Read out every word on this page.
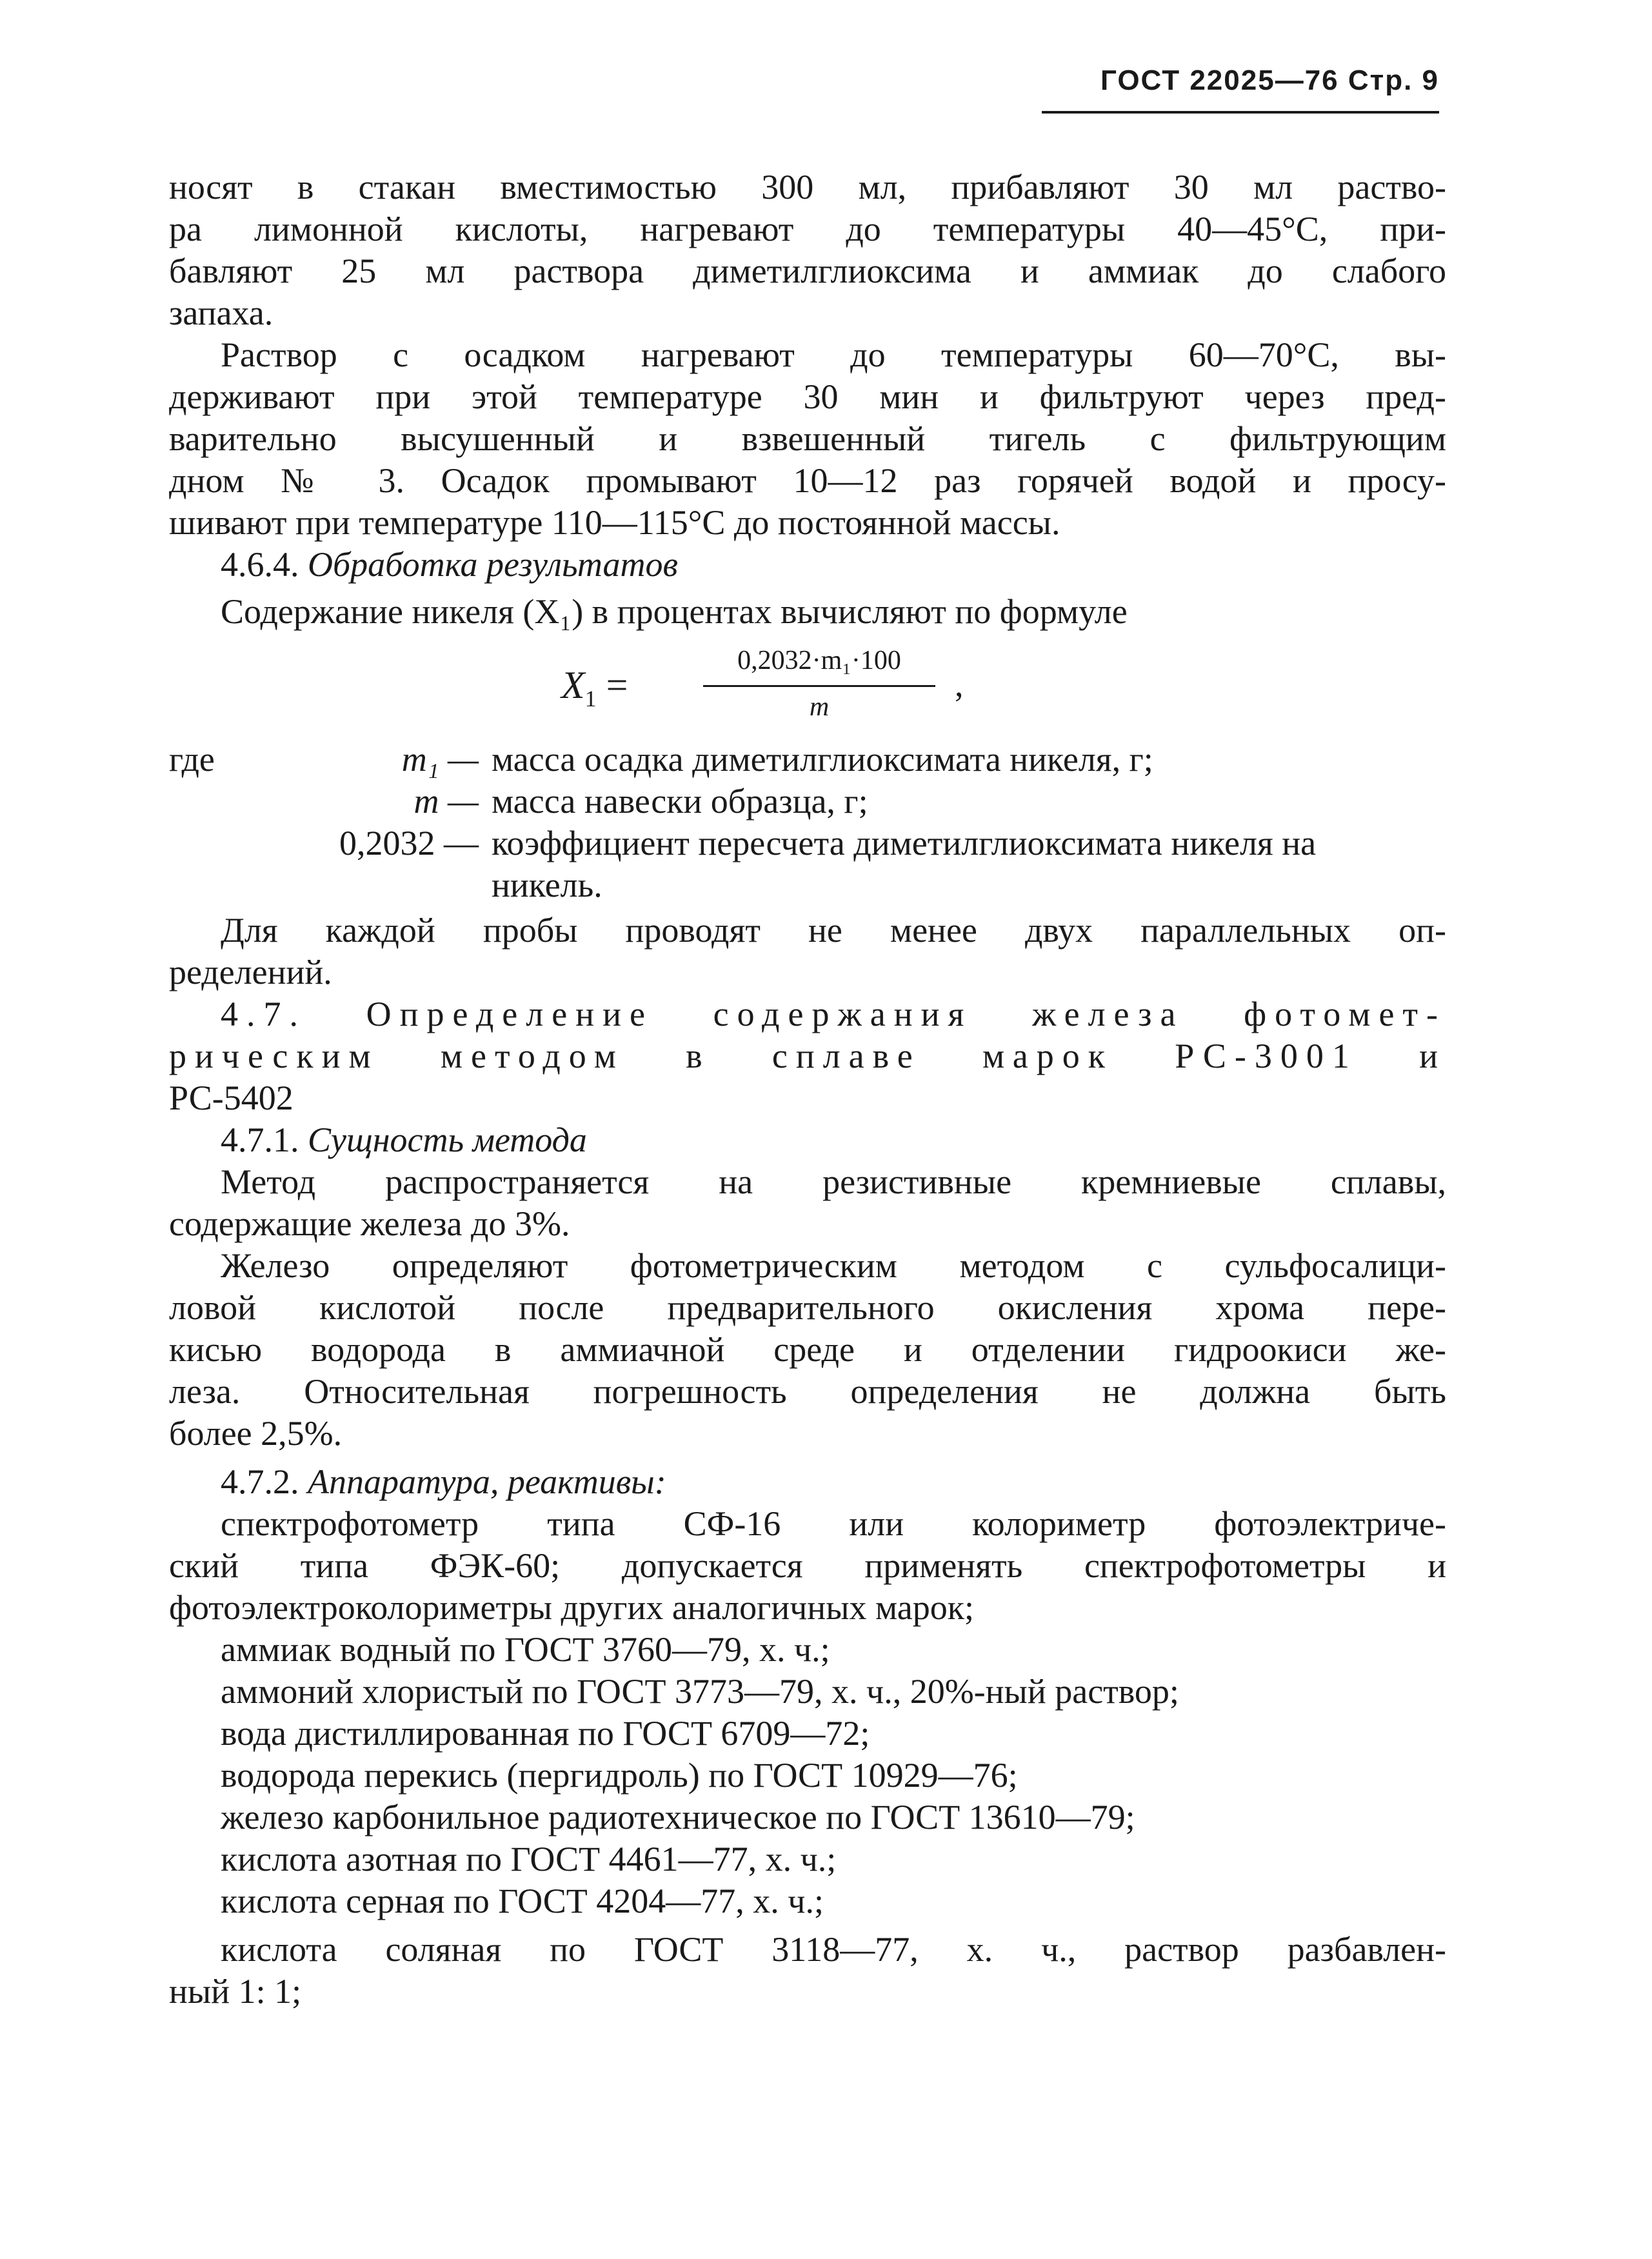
ГОСТ 22025—76 Стр. 9
носят в стакан вместимостью 300 мл, прибавляют 30 мл раство-
ра лимонной кислоты, нагревают до температуры 40—45°С, при-
бавляют 25 мл раствора диметилглиоксима и аммиак до слабого
запаха.
Раствор с осадком нагревают до температуры 60—70°С, вы-
держивают при этой температуре 30 мин и фильтруют через пред-
варительно высушенный и взвешенный тигель с фильтрующим
дном № 3. Осадок промывают 10—12 раз горячей водой и просу-
шивают при температуре 110—115°С до постоянной массы.
4.6.4. Обработка результатов
Содержание никеля (X₁) в процентах вычисляют по формуле
$X_1$ =
0,2032·m₁·100
m
,
где	m₁ — масса осадка диметилглиоксимата никеля, г;
m — масса навески образца, г;
0,2032 — коэффициент пересчета диметилглиоксимата никеля на
никель.
Для каждой пробы проводят не менее двух параллельных оп-
ределений.
4.7. Определение содержания железа фотомет-
рическим методом в сплаве марок РС-3001 и
РС-5402
4.7.1. Сущность метода
Метод распространяется на резистивные кремниевые сплавы,
содержащие железа до 3%.
Железо определяют фотометрическим методом с сульфосалици-
ловой кислотой после предварительного окисления хрома пере-
кисью водорода в аммиачной среде и отделении гидроокиси же-
леза. Относительная погрешность определения не должна быть
более 2,5%.
4.7.2. Аппаратура, реактивы:
спектрофотометр типа СФ-16 или колориметр фотоэлектриче-
ский типа ФЭК-60; допускается применять спектрофотометры и
фотоэлектроколориметры других аналогичных марок;
аммиак водный по ГОСТ 3760—79, х. ч.;
аммоний хлористый по ГОСТ 3773—79, х. ч., 20%-ный раствор;
вода дистиллированная по ГОСТ 6709—72;
водорода перекись (пергидроль) по ГОСТ 10929—76;
железо карбонильное радиотехническое по ГОСТ 13610—79;
кислота азотная по ГОСТ 4461—77, х. ч.;
кислота серная по ГОСТ 4204—77, х. ч.;
кислота соляная по ГОСТ 3118—77, х. ч., раствор разбавлен-
ный 1: 1;
